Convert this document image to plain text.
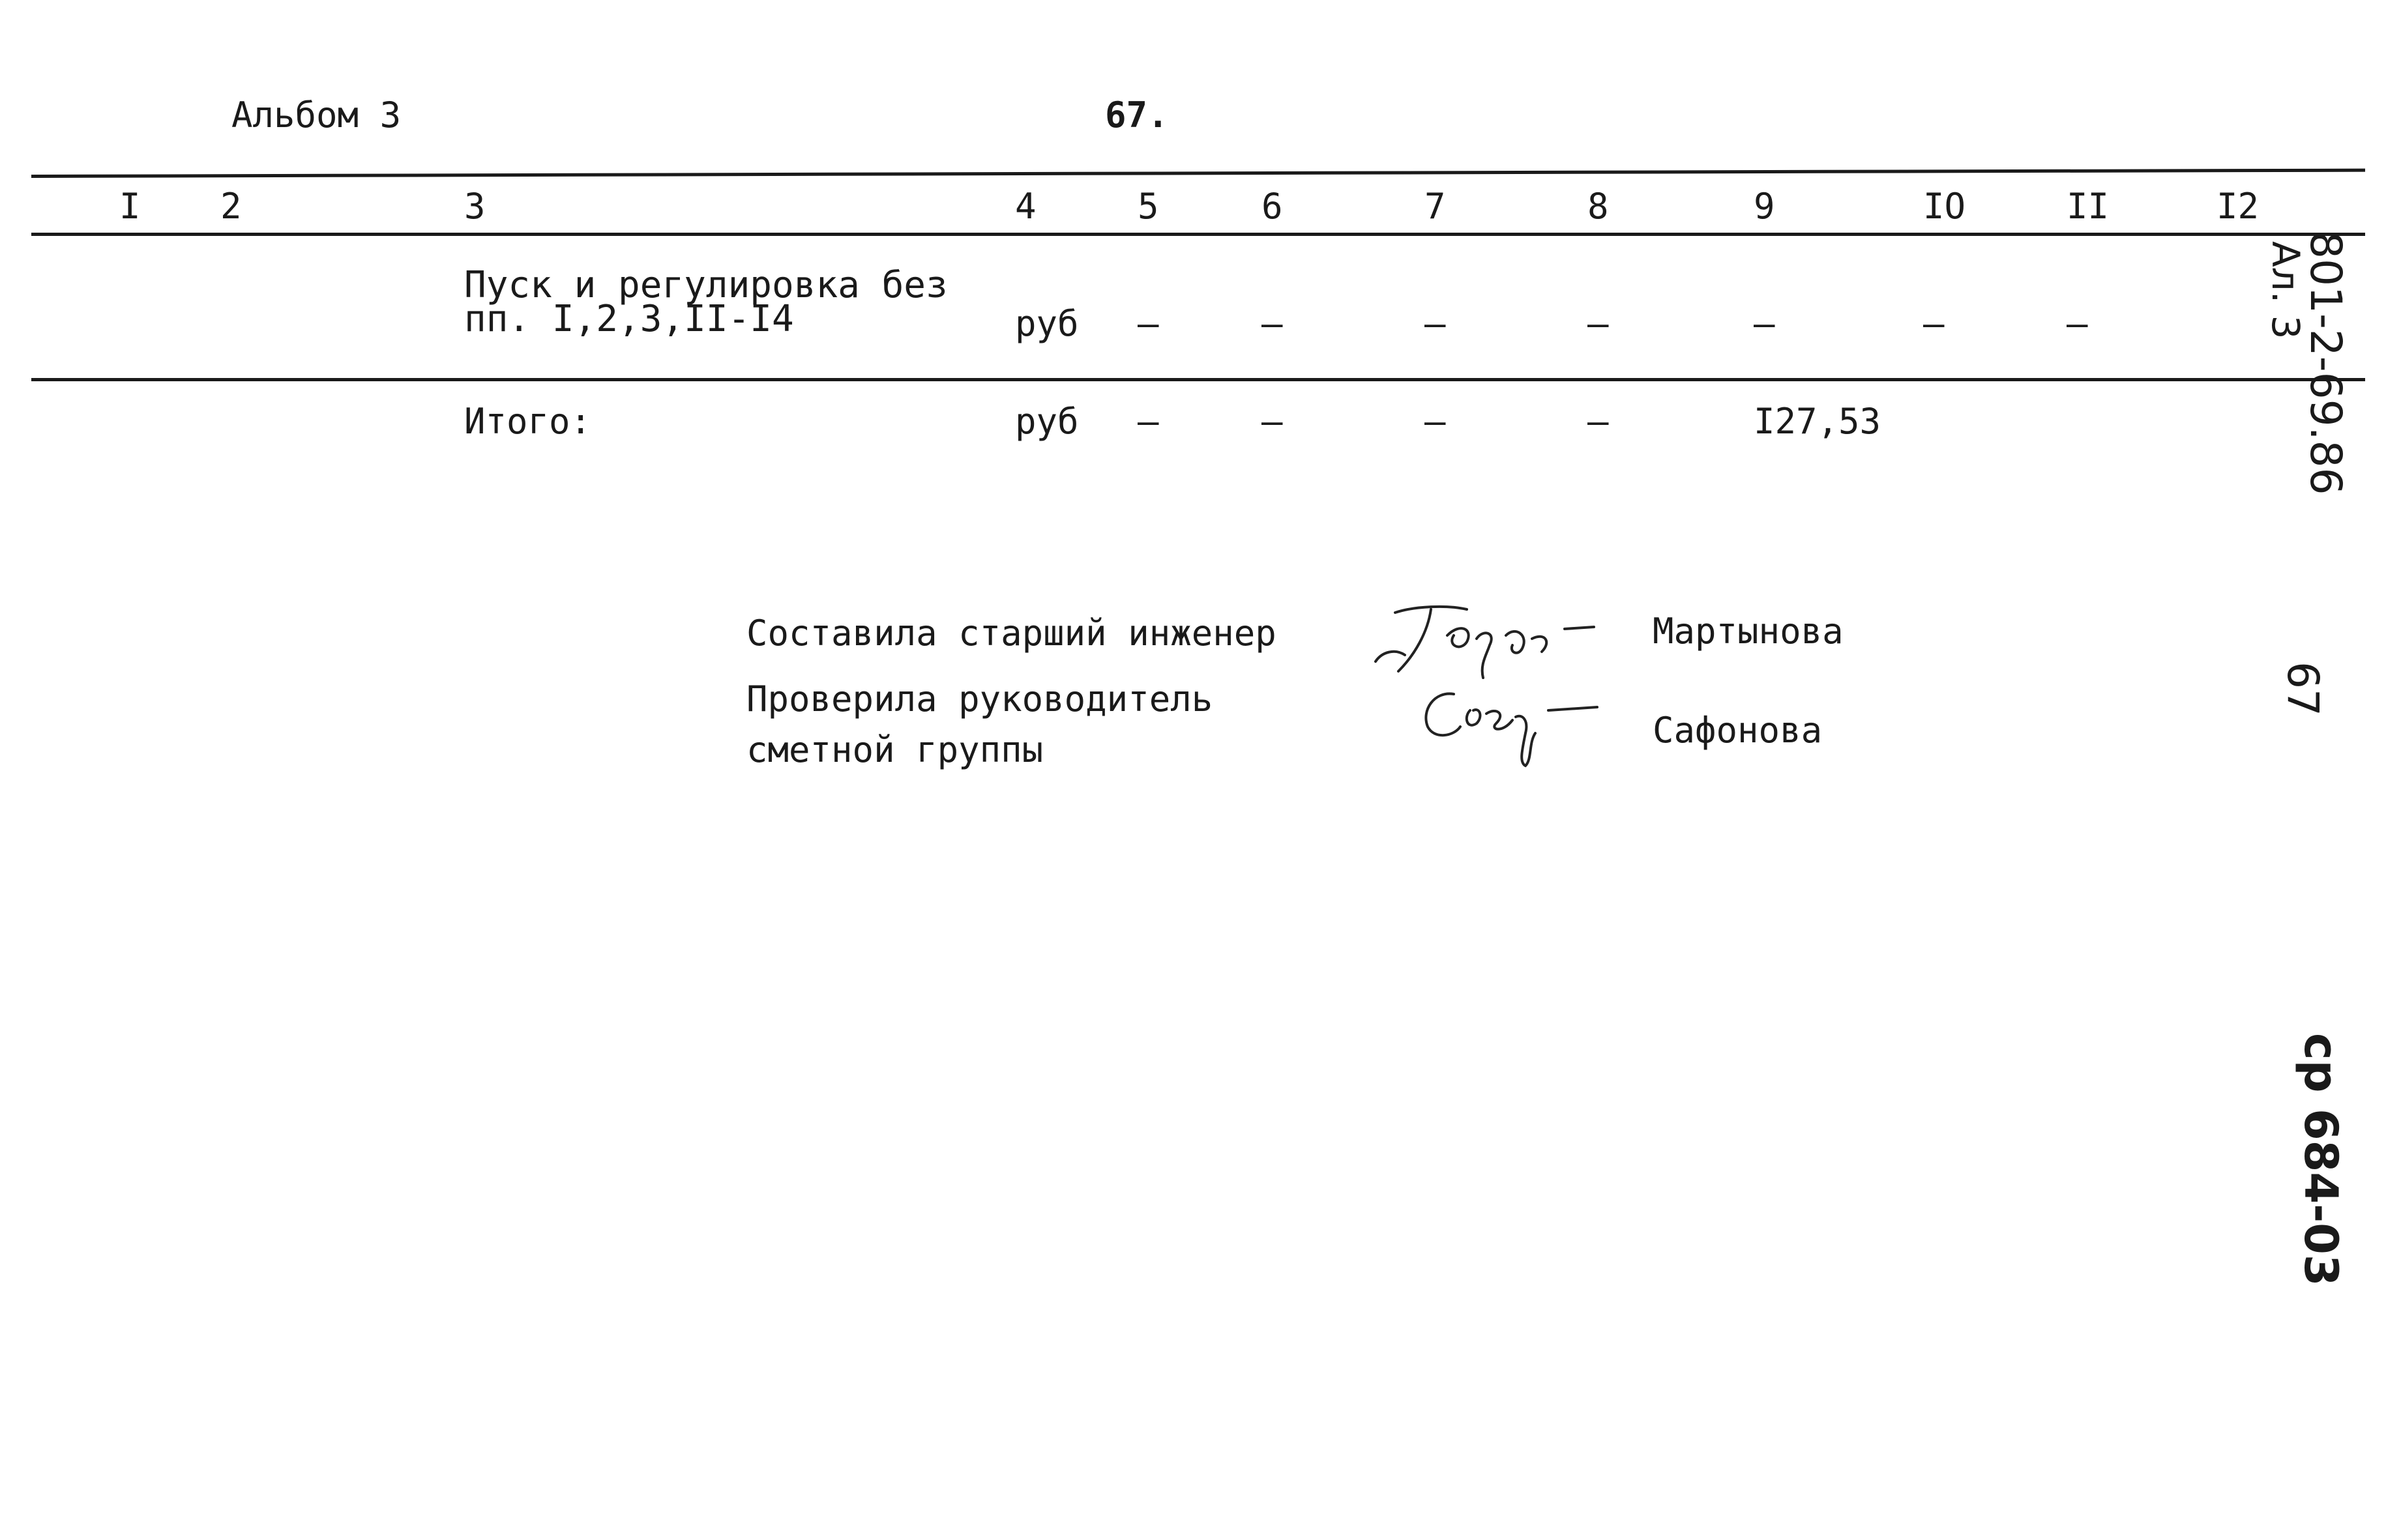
Альбом 3	67.
I 2	3	4	5	6	7	8	9	IO	II	I2
Пуск и регулировка без
пп. I,2,3,II-I4	руб –	–	–	–	–	–	–
Итого:	руб –	–	–	–	I27,53
Составила старший инженер	Мартынова
Проверила руководитель
сметной группы	Сафонова
801-2-69.86
Ал. 3
67
ср 684-03
